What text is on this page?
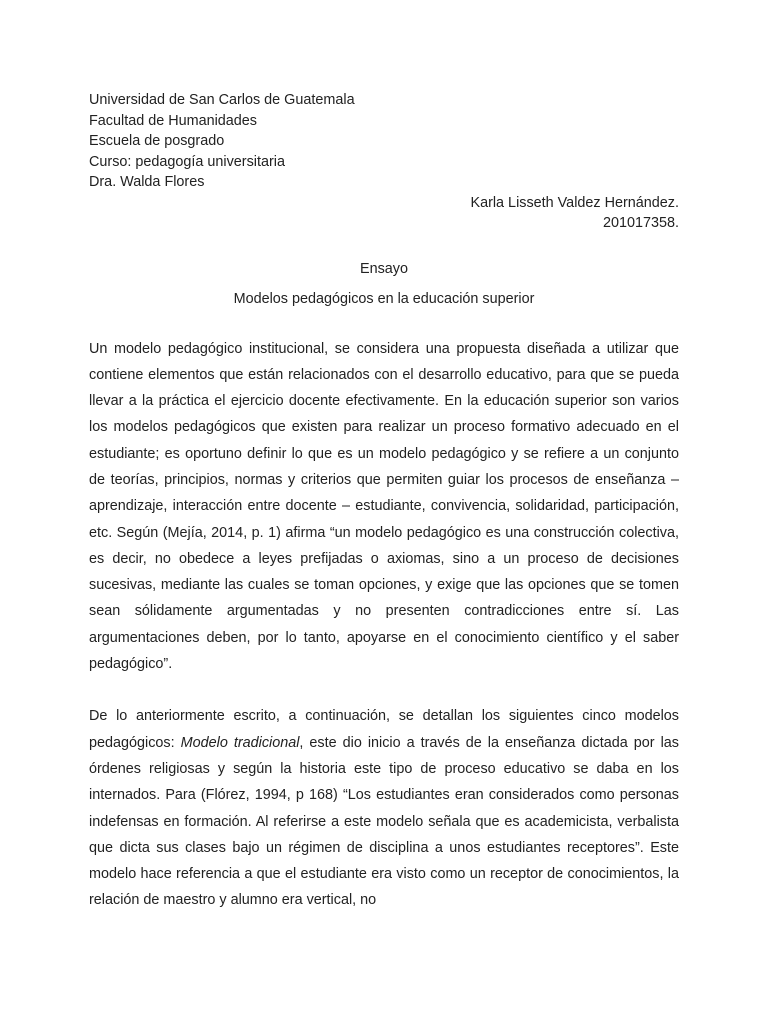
Universidad de San Carlos de Guatemala
Facultad de Humanidades
Escuela de posgrado
Curso: pedagogía universitaria
Dra. Walda Flores
Karla Lisseth Valdez Hernández.
201017358.
Ensayo
Modelos pedagógicos en la educación superior

Un modelo pedagógico institucional, se considera una propuesta diseñada a utilizar que contiene elementos que están relacionados con el desarrollo educativo, para que se pueda llevar a la práctica el ejercicio docente efectivamente. En la educación superior son varios los modelos pedagógicos que existen para realizar un proceso formativo adecuado en el estudiante; es oportuno definir lo que es un modelo pedagógico y se refiere a un conjunto de teorías, principios, normas y criterios que permiten guiar los procesos de enseñanza – aprendizaje, interacción entre docente – estudiante, convivencia, solidaridad, participación, etc. Según (Mejía, 2014, p. 1) afirma “un modelo pedagógico es una construcción colectiva, es decir, no obedece a leyes prefijadas o axiomas, sino a un proceso de decisiones sucesivas, mediante las cuales se toman opciones, y exige que las opciones que se tomen sean sólidamente argumentadas y no presenten contradicciones entre sí. Las argumentaciones deben, por lo tanto, apoyarse en el conocimiento científico y el saber pedagógico”.

De lo anteriormente escrito, a continuación, se detallan los siguientes cinco modelos pedagógicos: Modelo tradicional, este dio inicio a través de la enseñanza dictada por las órdenes religiosas y según la historia este tipo de proceso educativo se daba en los internados. Para (Flórez, 1994, p 168) “Los estudiantes eran considerados como personas indefensas en formación. Al referirse a este modelo señala que es academicista, verbalista que dicta sus clases bajo un régimen de disciplina a unos estudiantes receptores”. Este modelo hace referencia a que el estudiante era visto como un receptor de conocimientos, la relación de maestro y alumno era vertical, no
